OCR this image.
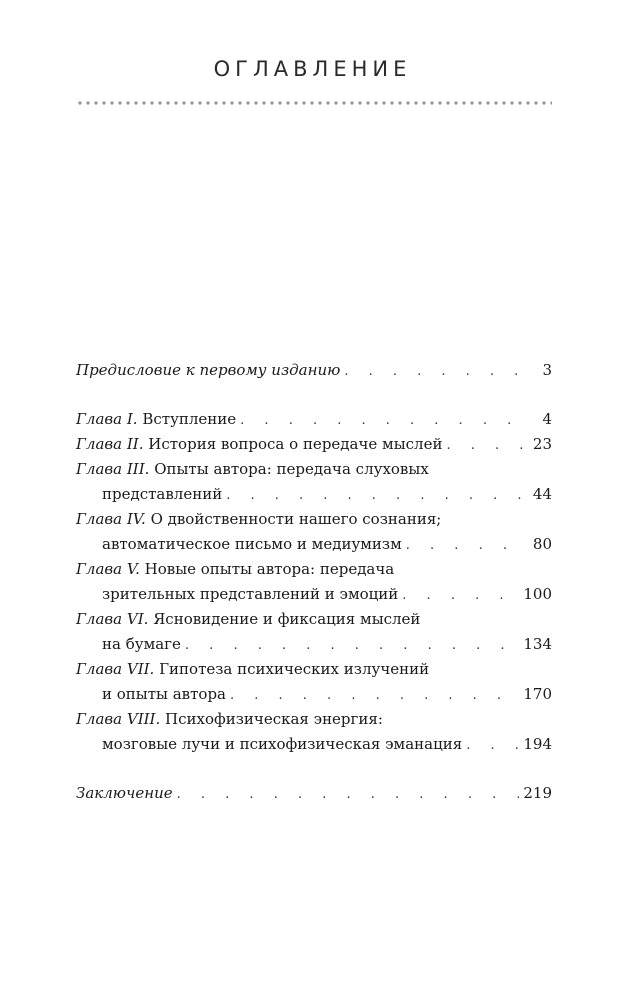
ОГЛАВЛЕНИЕ
Предисловие к первому изданию . . .	3
Глава I. Вступление . . .	4
Глава II. История вопроса о передаче мыслей . . .	23
Глава III. Опыты автора: передача слуховых
представлений . . .	44
Глава IV. О двойственности нашего сознания;
автоматическое письмо и медиумизм . . .	80
Глава V. Новые опыты автора: передача
зрительных представлений и эмоций . . .	100
Глава VI. Ясновидение и фиксация мыслей
на бумаге . . .	134
Глава VII. Гипотеза психических излучений
и опыты автора . . .	170
Глава VIII. Психофизическая энергия:
мозговые лучи и психофизическая эманация . . .	194
Заключение . . .	219
